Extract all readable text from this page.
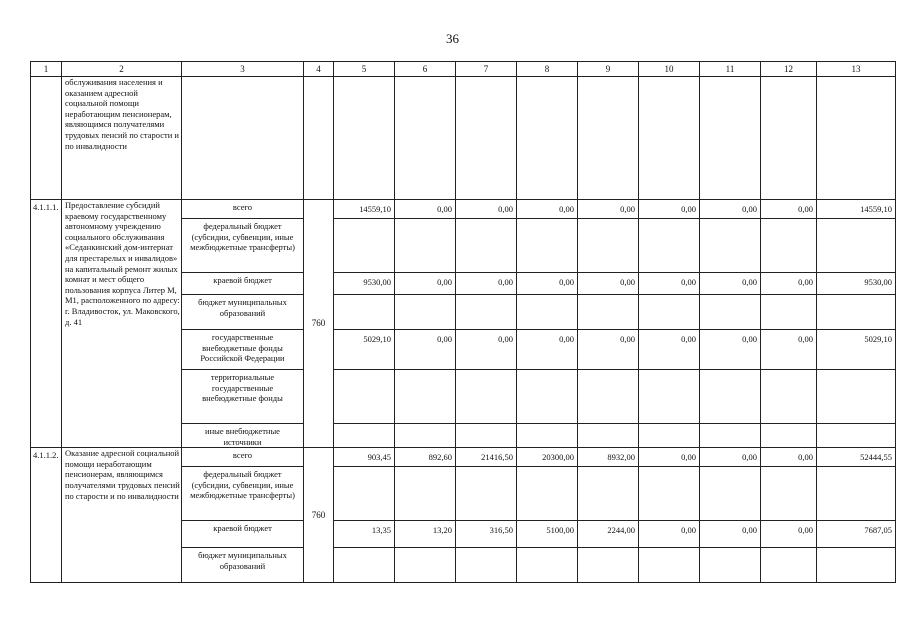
36
1	2	3	4	5	6	7	8	9	10	11	12	13
	обслуживания населения и оказанием адресной социальной помощи неработающим пенсионерам, являющимся получателями трудовых пенсий по старости и по инвалидности											
4.1.1.1.	Предоставление субсидий краевому государственному автономному учреждению социального обслуживания «Седанкинский дом-интернат для престарелых и инвалидов» на капитальный ремонт жилых комнат и мест общего пользования корпуса Литер М, М1, расположенного по адресу: г. Владивосток, ул. Маковского, д. 41	всего	760	14559,10	0,00	0,00	0,00	0,00	0,00	0,00	0,00	14559,10
		федеральный бюджет (субсидии, субвенции, иные межбюджетные трансферты)										
		краевой бюджет		9530,00	0,00	0,00	0,00	0,00	0,00	0,00	0,00	9530,00
		бюджет муниципальных образований										
		государственные внебюджетные фонды Российской Федерации		5029,10	0,00	0,00	0,00	0,00	0,00	0,00	0,00	5029,10
		территориальные государственные внебюджетные фонды										
		иные внебюджетные источники										
4.1.1.2.	Оказание адресной социальной помощи неработающим пенсионерам, являющимся получателями трудовых пенсий по старости и по инвалидности	всего	760	903,45	892,60	21416,50	20300,00	8932,00	0,00	0,00	0,00	52444,55
		федеральный бюджет (субсидии, субвенции, иные межбюджетные трансферты)										
		краевой бюджет		13,35	13,20	316,50	5100,00	2244,00	0,00	0,00	0,00	7687,05
		бюджет муниципальных образований										
